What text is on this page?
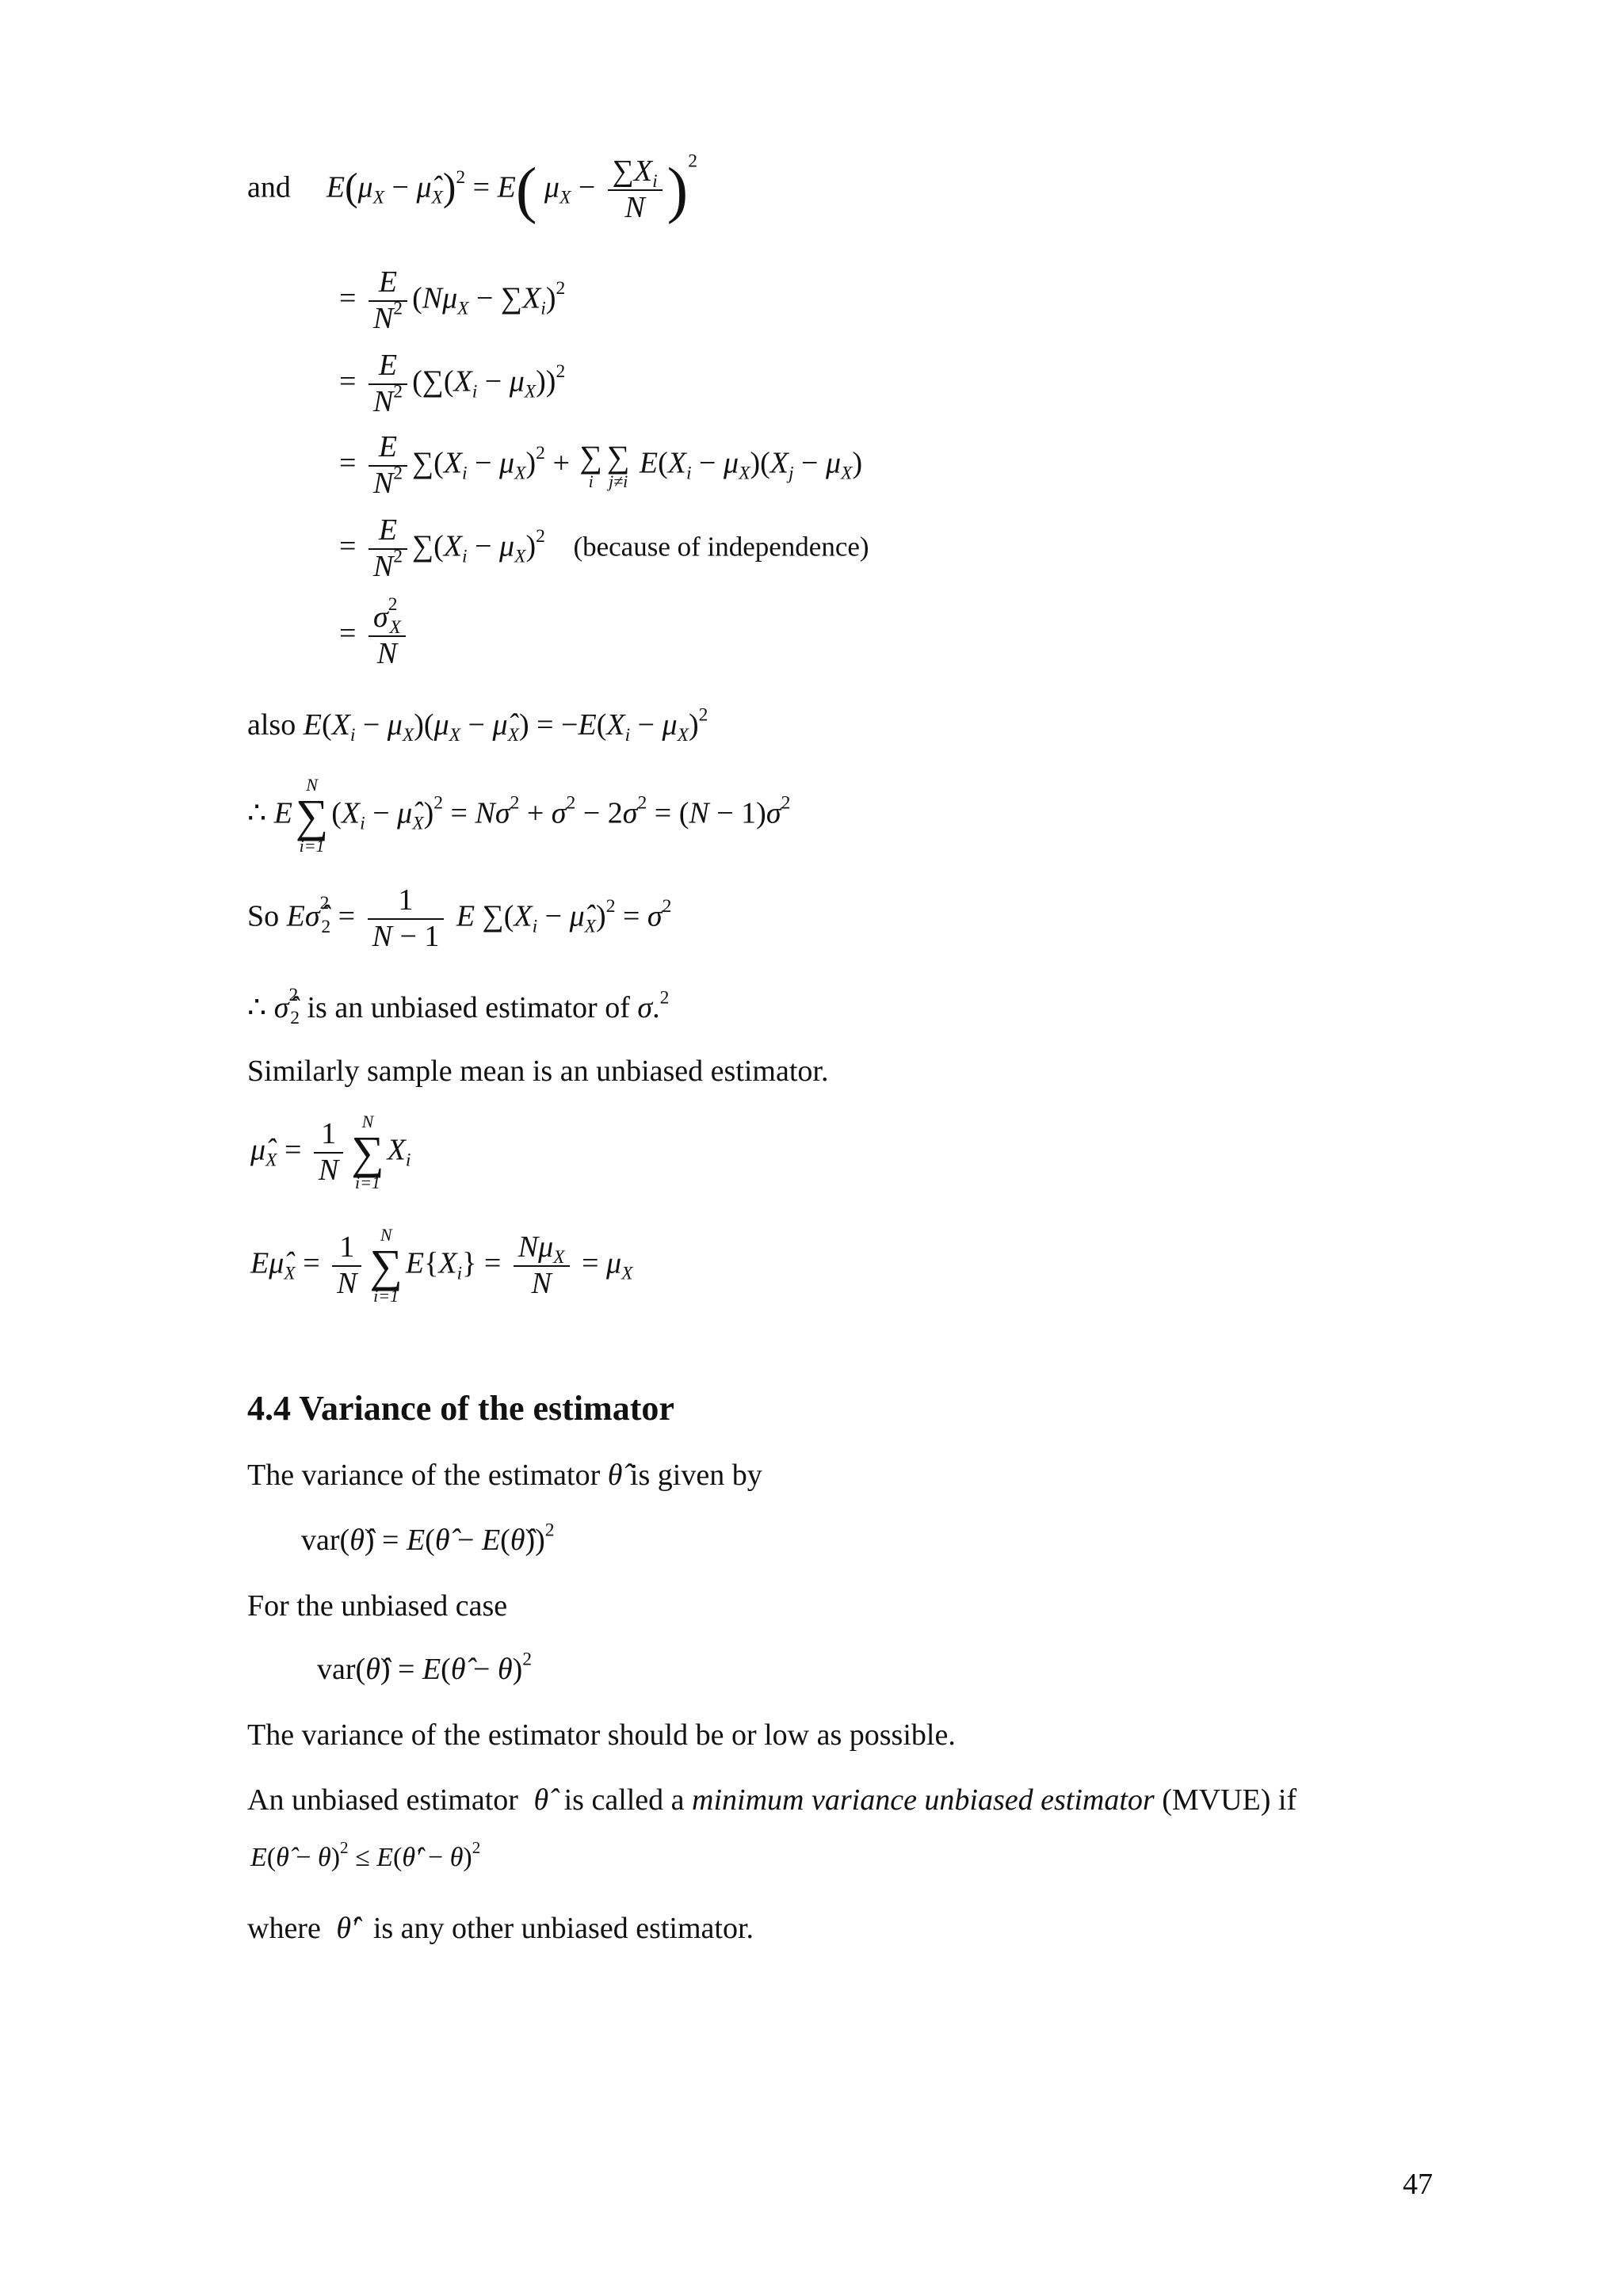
and $E(\mu_X$ − $\mû_X)^2 = E$( $\mu_X - \frac{\sum X_i}{N} )^2$
= $\frac{E}{N^2} (N\mu_X - \sum X_i)^2$
= $\frac{E}{N^2} (\sum(X_i - \mu_X))^2$
= $\frac{E}{N^2} \sum(X_i - \mu_X)^2$ + ∑
i
∑
j≠i
$E(X_i - \mu_X)(X_j - \mu_X)$
= $\frac{E}{N^2} \sum(X_i - \mu_X)^2$ (because of independence)
= $\frac{\sigma^2_X}{N}$
also $E(X_i - \mu_X)(\mu_X$ − $\mû_X) = -E(X_i - \mu_X)^2$
∴ E
N
∑
i=1
($X_i$ − $\mû_X)^2 = N\sigma^2 + \sigma^2 - 2\sigma^2 = (N - 1)\sigma^2$
So Eσ̂$^2_2$ = $\frac{1}{N - 1}$ E $\sum(X_i$ − $\mû_X)^2 = \sigma^2$
∴ σ̂$^2_2$ is an unbiased estimator of σ.$^2$
Similarly sample mean is an unbiased estimator.
$\mû_X = \frac{1}{N}$	N
∑
i=1
$X_i$
$E\mû_X = \frac{1}{N}$	N
∑
i=1
$E\{X_i\} = \frac{N\mu_X}{N} = \mu_X$
4.4 Variance of the estimator
The variance of the estimator θ̂ is given by
var(θ̂) = E(θ̂ − E(θ̂))$^2$
For the unbiased case
var(θ̂) = E(θ̂ − θ)$^2$
The variance of the estimator should be or low as possible.
An unbiased estimator θ̂ is called a minimum variance unbiased estimator (MVUE) if
E(θ̂ − θ)$^2$ ≤ E(θ̂′ − θ)$^2$
where θ̂′ is any other unbiased estimator.
47
